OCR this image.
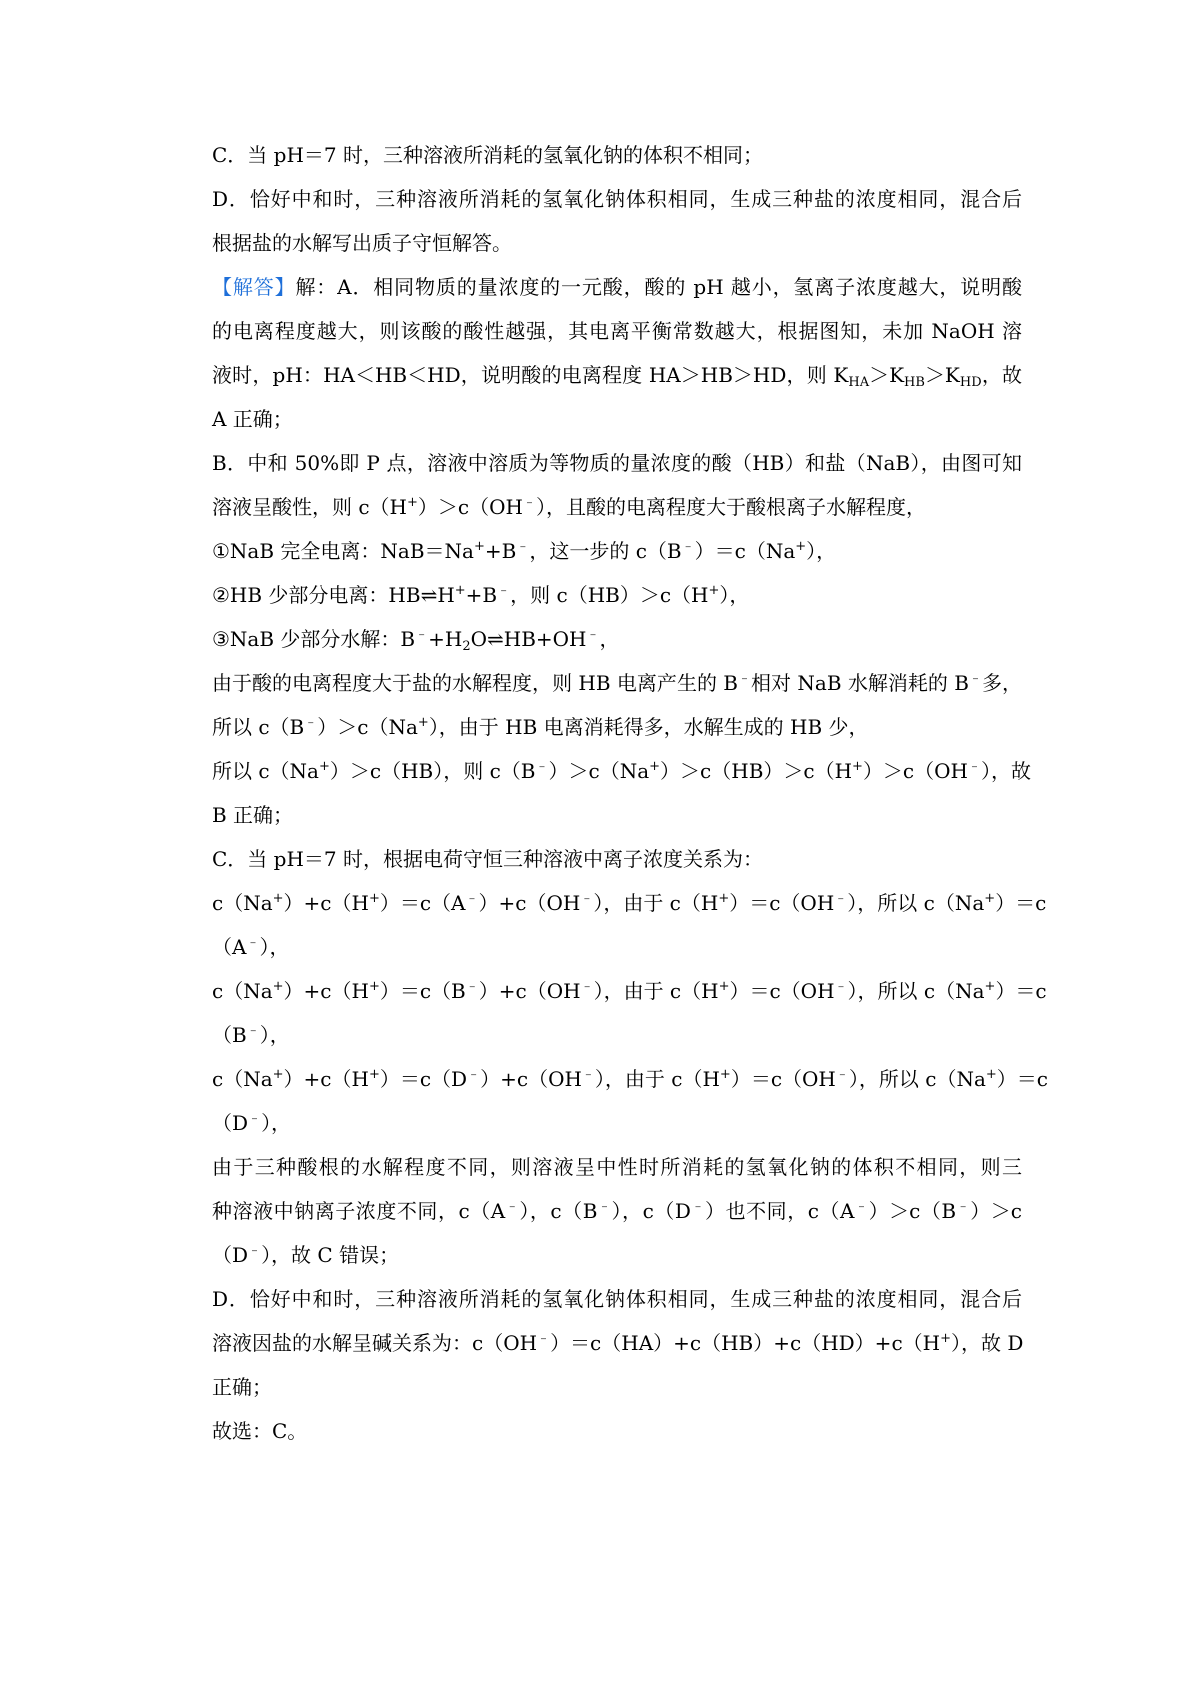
C．当 pH＝7 时，三种溶液所消耗的氢氧化钠的体积不相同；
D．恰好中和时，三种溶液所消耗的氢氧化钠体积相同，生成三种盐的浓度相同，混合后
根据盐的水解写出质子守恒解答。
【解答】解：A．相同物质的量浓度的一元酸，酸的 pH 越小，氢离子浓度越大，说明酸
的电离程度越大，则该酸的酸性越强，其电离平衡常数越大，根据图知，未加 NaOH 溶
液时，pH：HA＜HB＜HD，说明酸的电离程度 HA＞HB＞HD，则 $K_{HA}>K_{HB}>K_{HD}$，故
A 正确；
B．中和 50%即 P 点，溶液中溶质为等物质的量浓度的酸（HB）和盐（NaB），由图可知
溶液呈酸性，则 c（H+）＞c（OH﹣），且酸的电离程度大于酸根离子水解程度，
①NaB 完全电离：NaB＝Na++B﹣，这一步的 c（B﹣）＝c（Na+），
②HB 少部分电离：HB⇌H++B﹣，则 c（HB）＞c（H+），
③NaB 少部分水解：$B^﹣+H_2O\rightleftharpoons HB+OH^﹣$，
由于酸的电离程度大于盐的水解程度，则 HB 电离产生的 B﹣相对 NaB 水解消耗的 B﹣多，
所以 c（B﹣）＞c（Na+），由于 HB 电离消耗得多，水解生成的 HB 少，
所以 c（Na+）＞c（HB），则 c（B﹣）＞c（Na+）＞c（HB）＞c（H+）＞c（OH﹣），故
B 正确；
C．当 pH＝7 时，根据电荷守恒三种溶液中离子浓度关系为：
c（Na+）+c（H+）＝c（A﹣）+c（OH﹣），由于 c（H+）＝c（OH﹣），所以 c（Na+）＝c
（A﹣），
c（Na+）+c（H+）＝c（B﹣）+c（OH﹣），由于 c（H+）＝c（OH﹣），所以 c（Na+）＝c
（B﹣），
c（Na+）+c（H+）＝c（D﹣）+c（OH﹣），由于 c（H+）＝c（OH﹣），所以 c（Na+）＝c
（D﹣），
由于三种酸根的水解程度不同，则溶液呈中性时所消耗的氢氧化钠的体积不相同，则三
种溶液中钠离子浓度不同，c（A﹣），c（B﹣），c（D﹣）也不同，c（A﹣）＞c（B﹣）＞c
（D﹣），故 C 错误；
D．恰好中和时，三种溶液所消耗的氢氧化钠体积相同，生成三种盐的浓度相同，混合后
溶液因盐的水解呈碱关系为：c（OH﹣）＝c（HA）+c（HB）+c（HD）+c（H+），故 D
正确；
故选：C。
